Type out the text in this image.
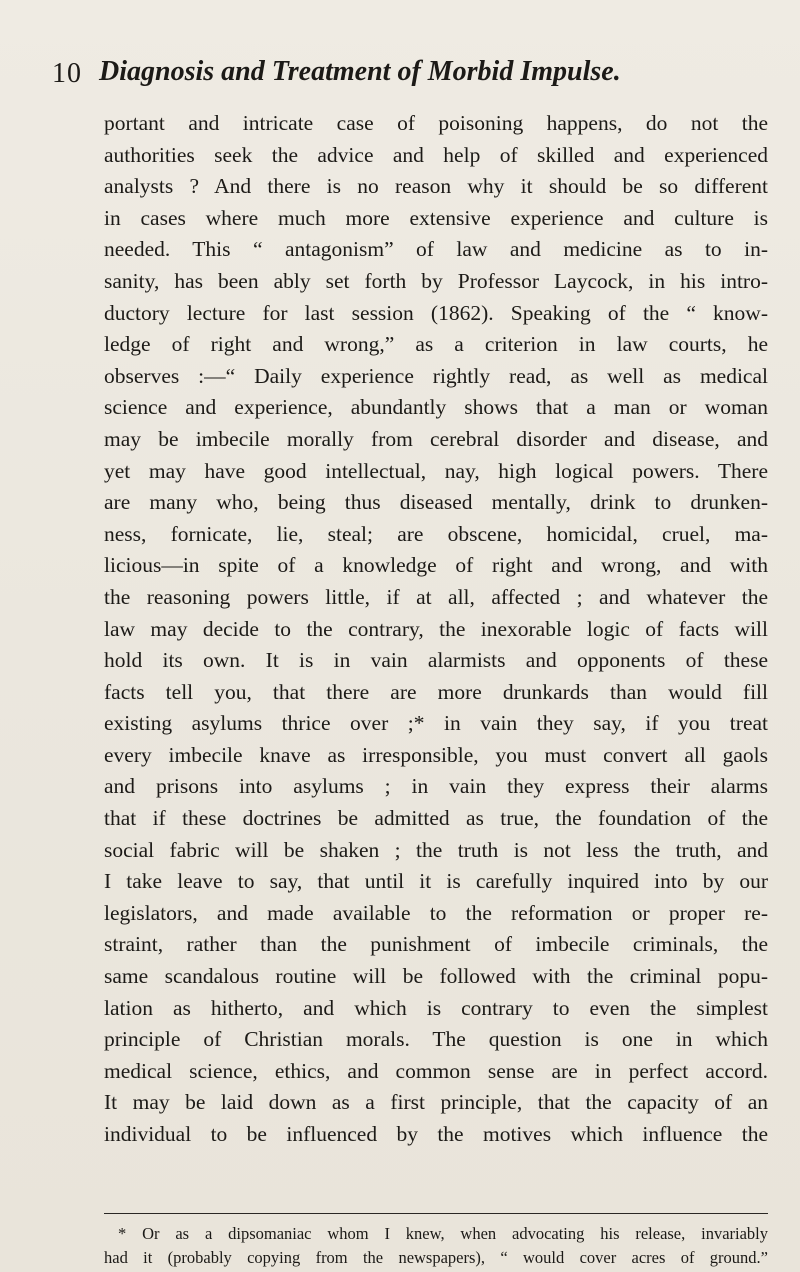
10 Diagnosis and Treatment of Morbid Impulse.
portant and intricate case of poisoning happens, do not the
authorities seek the advice and help of skilled and experienced
analysts ? And there is no reason why it should be so different
in cases where much more extensive experience and culture is
needed. This “ antagonism” of law and medicine as to in-
sanity, has been ably set forth by Professor Laycock, in his intro-
ductory lecture for last session (1862). Speaking of the “ know-
ledge of right and wrong,” as a criterion in law courts, he
observes :—“ Daily experience rightly read, as well as medical
science and experience, abundantly shows that a man or woman
may be imbecile morally from cerebral disorder and disease, and
yet may have good intellectual, nay, high logical powers. There
are many who, being thus diseased mentally, drink to drunken-
ness, fornicate, lie, steal; are obscene, homicidal, cruel, ma-
licious—in spite of a knowledge of right and wrong, and with
the reasoning powers little, if at all, affected ; and whatever the
law may decide to the contrary, the inexorable logic of facts will
hold its own. It is in vain alarmists and opponents of these
facts tell you, that there are more drunkards than would fill
existing asylums thrice over ;* in vain they say, if you treat
every imbecile knave as irresponsible, you must convert all gaols
and prisons into asylums ; in vain they express their alarms
that if these doctrines be admitted as true, the foundation of the
social fabric will be shaken ; the truth is not less the truth, and
I take leave to say, that until it is carefully inquired into by our
legislators, and made available to the reformation or proper re-
straint, rather than the punishment of imbecile criminals, the
same scandalous routine will be followed with the criminal popu-
lation as hitherto, and which is contrary to even the simplest
principle of Christian morals. The question is one in which
medical science, ethics, and common sense are in perfect accord.
It may be laid down as a first principle, that the capacity of an
individual to be influenced by the motives which influence the
* Or as a dipsomaniac whom I knew, when advocating his release, invariably
had it (probably copying from the newspapers), “ would cover acres of ground.”
